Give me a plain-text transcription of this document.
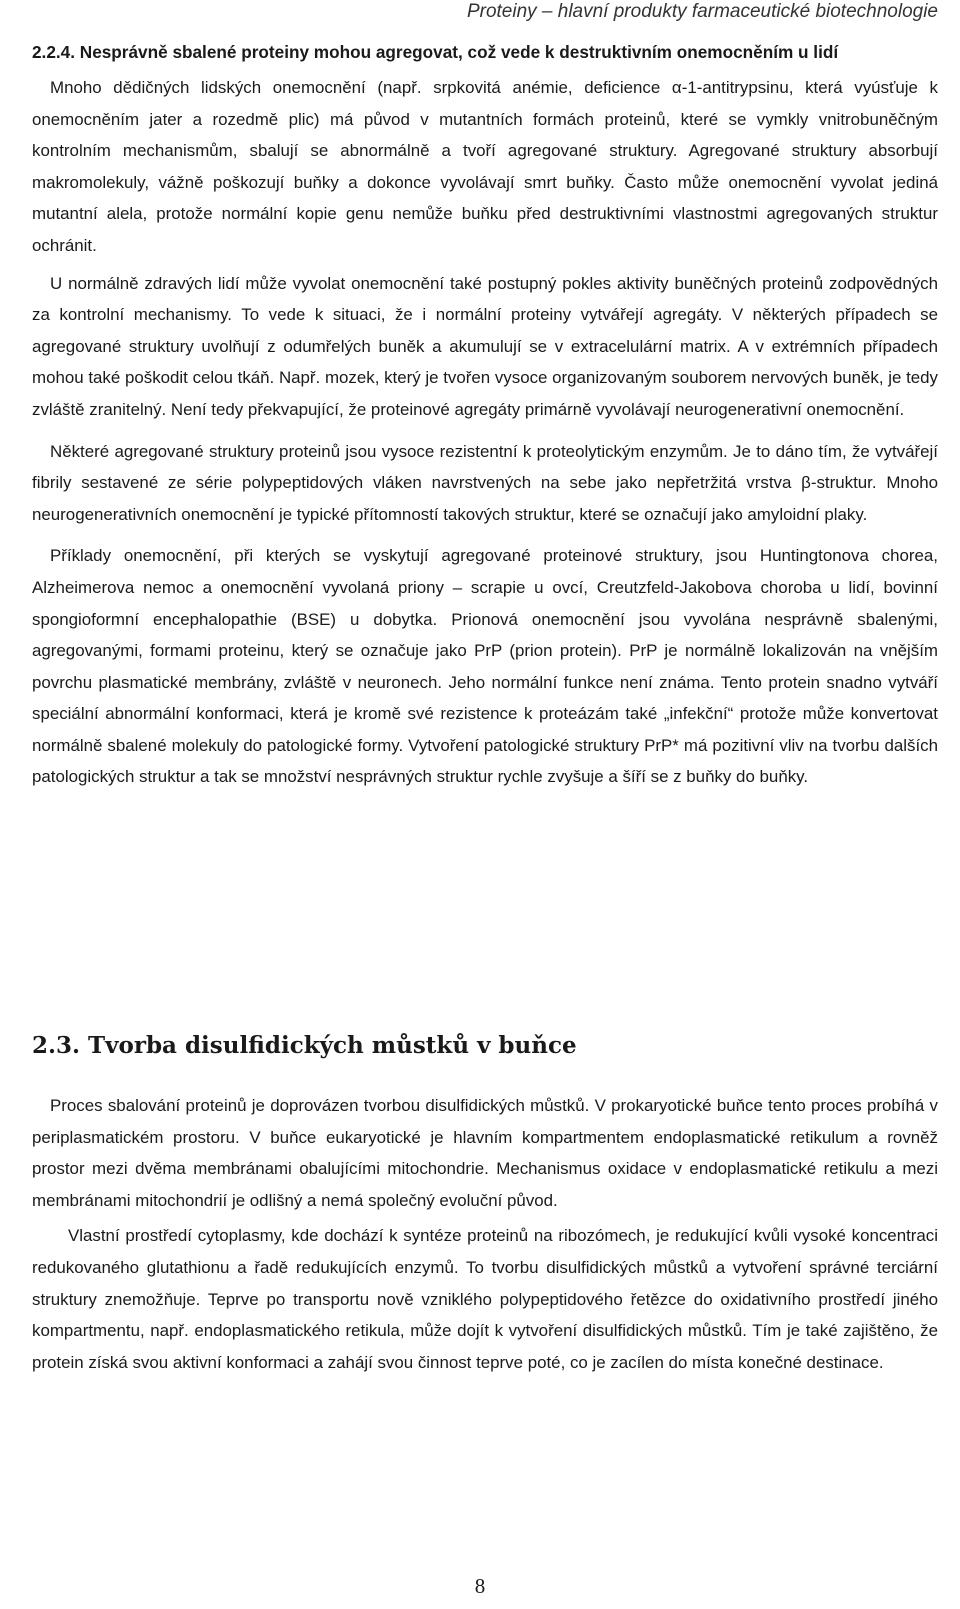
Proteiny – hlavní produkty farmaceutické biotechnologie
2.2.4. Nesprávně sbalené proteiny mohou agregovat, což vede k destruktivním onemocněním u lidí

Mnoho dědičných lidských onemocnění (např. srpkovitá anémie, deficience α-1-antitrypsinu, která vyúsťuje k onemocněním jater a rozedmě plic) má původ v mutantních formách proteinů, které se vymkly vnitrobuněčným kontrolním mechanismům, sbalují se abnormálně a tvoří agregované struktury. Agregované struktury absorbují makromolekuly, vážně poškozují buňky a dokonce vyvolávají smrt buňky. Často může onemocnění vyvolat jediná mutantní alela, protože normální kopie genu nemůže buňku před destruktivními vlastnostmi agregovaných struktur ochránit.

U normálně zdravých lidí může vyvolat onemocnění také postupný pokles aktivity buněčných proteinů zodpovědných za kontrolní mechanismy. To vede k situaci, že i normální proteiny vytvářejí agregáty. V některých případech se agregované struktury uvolňují z odumřelých buněk a akumulují se v extracelulární matrix. A v extrémních případech mohou také poškodit celou tkáň. Např. mozek, který je tvořen vysoce organizovaným souborem nervových buněk, je tedy zvláště zranitelný. Není tedy překvapující, že proteinové agregáty primárně vyvolávají neurogenerativní onemocnění.

Některé agregované struktury proteinů jsou vysoce rezistentní k proteolytickým enzymům. Je to dáno tím, že vytvářejí fibrily sestavené ze série polypeptidových vláken navrstvených na sebe jako nepřetržitá vrstva β-struktur. Mnoho neurogenerativních onemocnění je typické přítomností takových struktur, které se označují jako amyloidní plaky.

Příklady onemocnění, při kterých se vyskytují agregované proteinové struktury, jsou Huntingtonova chorea, Alzheimerova nemoc a onemocnění vyvolaná priony – scrapie u ovcí, Creutzfeld-Jakobova choroba u lidí, bovinní spongioformní encephalopathie (BSE) u dobytka. Prionová onemocnění jsou vyvolána nesprávně sbalenými, agregovanými, formami proteinu, který se označuje jako PrP (prion protein). PrP je normálně lokalizován na vnějším povrchu plasmatické membrány, zvláště v neuronech. Jeho normální funkce není známa. Tento protein snadno vytváří speciální abnormální konformaci, která je kromě své rezistence k proteázám také „infekční“ protože může konvertovat normálně sbalené molekuly do patologické formy. Vytvoření patologické struktury PrP* má pozitivní vliv na tvorbu dalších patologických struktur a tak se množství nesprávných struktur rychle zvyšuje a šíří se z buňky do buňky.

2.3. Tvorba disulfidických můstků v buňce

Proces sbalování proteinů je doprovázen tvorbou disulfidických můstků. V prokaryotické buňce tento proces probíhá v periplasmatickém prostoru. V buňce eukaryotické je hlavním kompartmentem endoplasmatické retikulum a rovněž prostor mezi dvěma membránami obalujícími mitochondrie. Mechanismus oxidace v endoplasmatické retikulu a mezi membránami mitochondrií je odlišný a nemá společný evoluční původ.

Vlastní prostředí cytoplasmy, kde dochází k syntéze proteinů na ribozómech, je redukující kvůli vysoké koncentraci redukovaného glutathionu a řadě redukujících enzymů. To tvorbu disulfidických můstků a vytvoření správné terciární struktury znemožňuje. Teprve po transportu nově vzniklého polypeptidového řetězce do oxidativního prostředí jiného kompartmentu, např. endoplasmatického retikula, může dojít k vytvoření disulfidických můstků. Tím je také zajištěno, že protein získá svou aktivní konformaci a zahájí svou činnost teprve poté, co je zacílen do místa konečné destinace.

8
